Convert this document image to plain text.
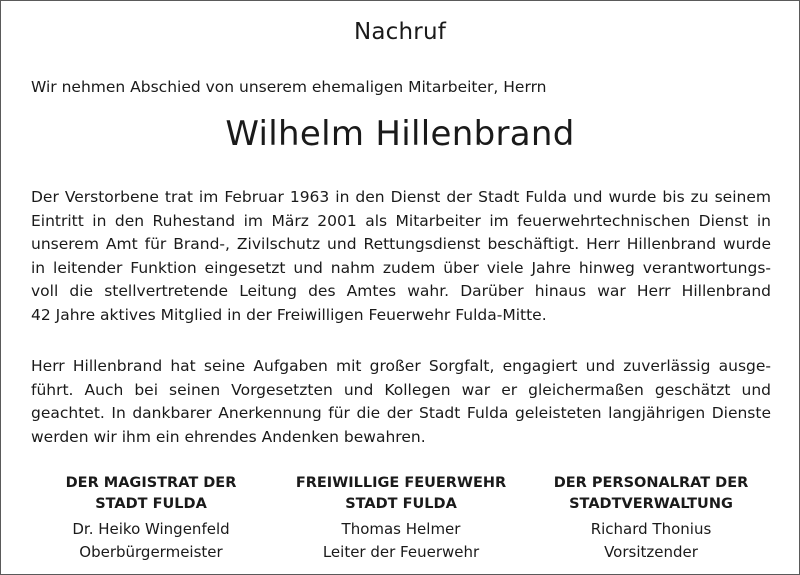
Nachruf
Wir nehmen Abschied von unserem ehemaligen Mitarbeiter, Herrn
Wilhelm Hillenbrand
Der Verstorbene trat im Februar 1963 in den Dienst der Stadt Fulda und wurde bis zu seinem
Eintritt in den Ruhestand im März 2001 als Mitarbeiter im feuerwehrtechnischen Dienst in
unserem Amt für Brand-, Zivilschutz und Rettungsdienst beschäftigt. Herr Hillenbrand wurde
in leitender Funktion eingesetzt und nahm zudem über viele Jahre hinweg verantwortungs-
voll die stellvertretende Leitung des Amtes wahr. Darüber hinaus war Herr Hillenbrand
42 Jahre aktives Mitglied in der Freiwilligen Feuerwehr Fulda-Mitte.
Herr Hillenbrand hat seine Aufgaben mit großer Sorgfalt, engagiert und zuverlässig ausge-
führt. Auch bei seinen Vorgesetzten und Kollegen war er gleichermaßen geschätzt und
geachtet. In dankbarer Anerkennung für die der Stadt Fulda geleisteten langjährigen Dienste
werden wir ihm ein ehrendes Andenken bewahren.
DER MAGISTRAT DER
STADT FULDA
Dr. Heiko Wingenfeld
Oberbürgermeister
FREIWILLIGE FEUERWEHR
STADT FULDA
Thomas Helmer
Leiter der Feuerwehr
DER PERSONALRAT DER
STADTVERWALTUNG
Richard Thonius
Vorsitzender
